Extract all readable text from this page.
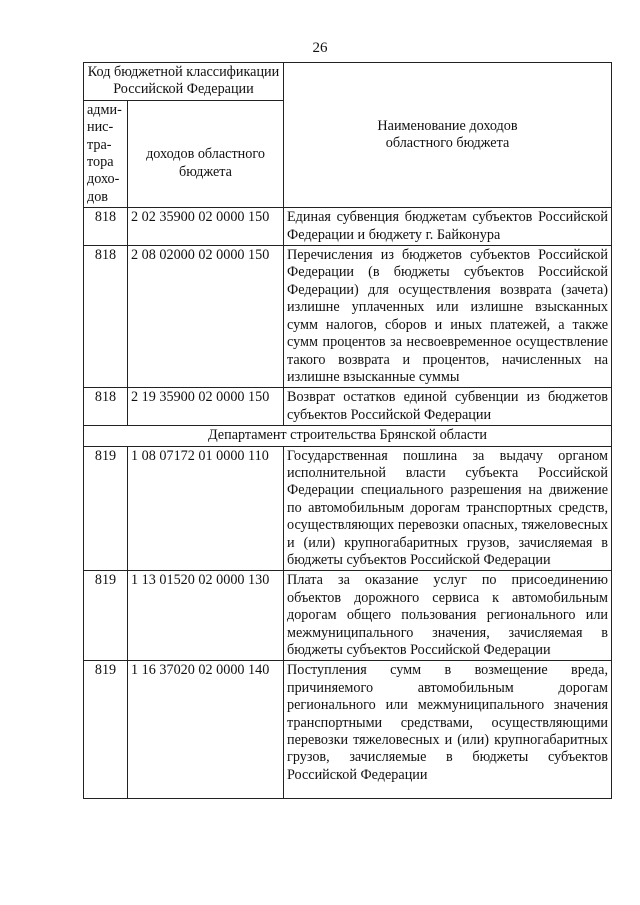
26
Код бюджетной классификации Российской Федерации		Наименование доходов областного бюджета

адми-нис-тра-тора дохо-дов	доходов областного бюджета	

818	2 02 35900 02 0000 150	Единая субвенция бюджетам субъектов Российской Федерации и бюджету г. Байконура
818	2 08 02000 02 0000 150	Перечисления из бюджетов субъектов Российской Федерации (в бюджеты субъектов Российской Федерации) для осуществления возврата (зачета) излишне уплаченных или излишне взысканных сумм налогов, сборов и иных платежей, а также сумм процентов за несвоевременное осуществление такого возврата и процентов, начисленных на излишне взысканные суммы
818	2 19 35900 02 0000 150	Возврат остатков единой субвенции из бюджетов субъектов Российской Федерации
Департамент строительства Брянской области		
819	1 08 07172 01 0000 110	Государственная пошлина за выдачу органом исполнительной власти субъекта Российской Федерации специального разрешения на движение по автомобильным дорогам транспортных средств, осуществляющих перевозки опасных, тяжеловесных и (или) крупногабаритных грузов, зачисляемая в бюджеты субъектов Российской Федерации
819	1 13 01520 02 0000 130	Плата за оказание услуг по присоединению объектов дорожного сервиса к автомобильным дорогам общего пользования регионального или межмуниципального значения, зачисляемая в бюджеты субъектов Российской Федерации
819	1 16 37020 02 0000 140	Поступления сумм в возмещение вреда, причиняемого автомобильным дорогам регионального или межмуниципального значения транспортными средствами, осуществляющими перевозки тяжеловесных и (или) крупногабаритных грузов, зачисляемые в бюджеты субъектов Российской Федерации
